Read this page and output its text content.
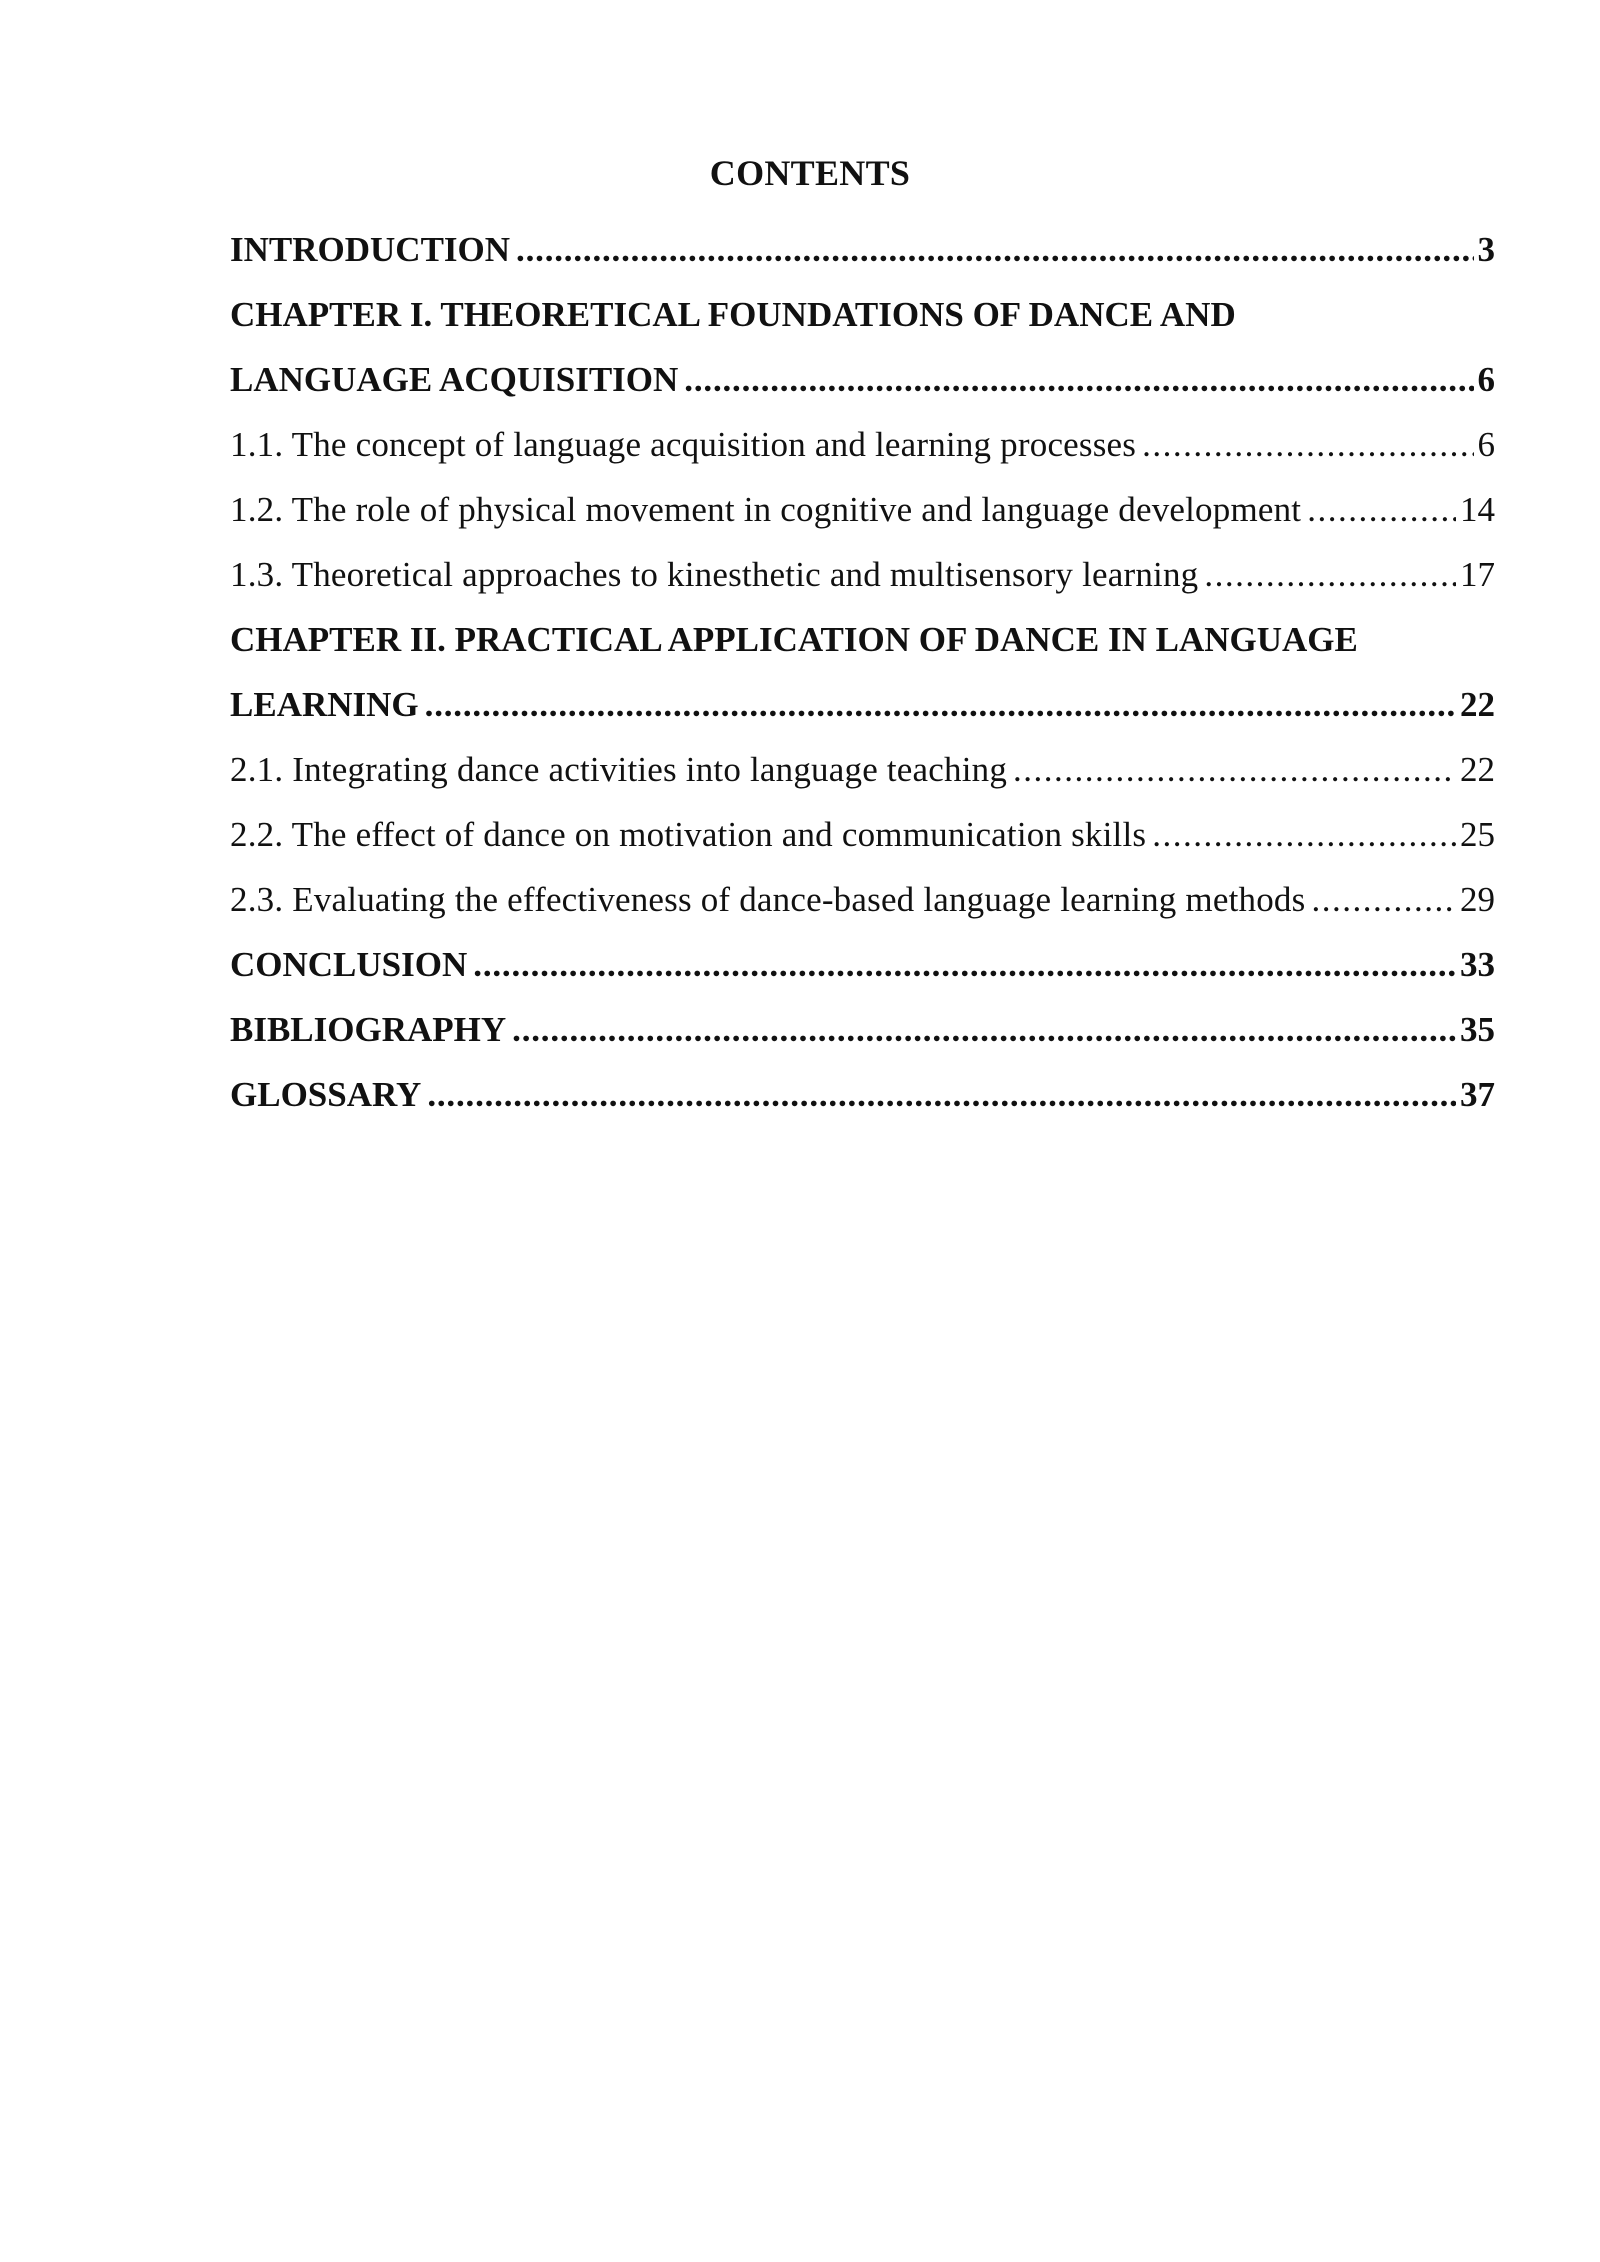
CONTENTS
INTRODUCTION .....	3
CHAPTER I. THEORETICAL FOUNDATIONS OF DANCE AND
LANGUAGE ACQUISITION .....	6
1.1. The concept of language acquisition and learning processes .....	6
1.2. The role of physical movement in cognitive and language development .....	14
1.3. Theoretical approaches to kinesthetic and multisensory learning .....	17
CHAPTER II. PRACTICAL APPLICATION OF DANCE IN LANGUAGE
LEARNING .....	22
2.1. Integrating dance activities into language teaching .....	22
2.2. The effect of dance on motivation and communication skills .....	25
2.3. Evaluating the effectiveness of dance-based language learning methods .....	29
CONCLUSION .....	33
BIBLIOGRAPHY .....	35
GLOSSARY .....	37
